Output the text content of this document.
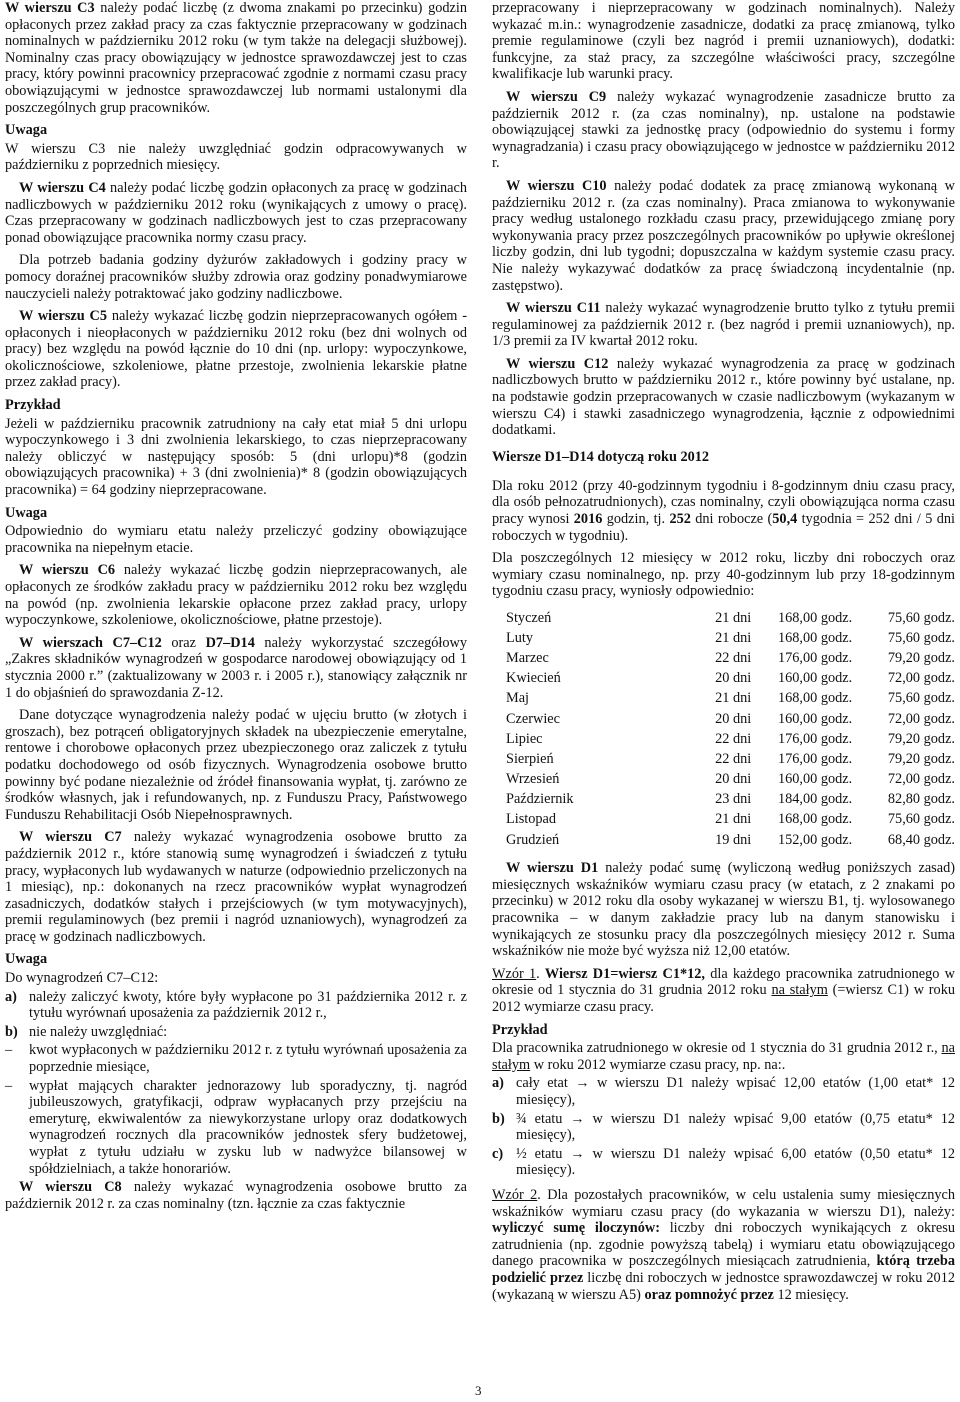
W wierszu C3 należy podać liczbę (z dwoma znakami po przecinku) godzin opłaconych przez zakład pracy za czas faktycznie przepracowany w godzinach nominalnych w październiku 2012 roku (w tym także na delegacji służbowej). Nominalny czas pracy obowiązujący w jednostce sprawozdawczej jest to czas pracy, który powinni pracownicy przepracować zgodnie z normami czasu pracy obowiązującymi w jednostce sprawozdawczej lub normami ustalonymi dla poszczególnych grup pracowników.

Uwaga

W wierszu C3 nie należy uwzględniać godzin odpracowywanych w październiku z poprzednich miesięcy.

W wierszu C4 należy podać liczbę godzin opłaconych za pracę w godzinach nadliczbowych w październiku 2012 roku (wynikających z umowy o pracę). Czas przepracowany w godzinach nadliczbowych jest to czas przepracowany ponad obowiązujące pracownika normy czasu pracy.

Dla potrzeb badania godziny dyżurów zakładowych i godziny pracy w pomocy doraźnej pracowników służby zdrowia oraz godziny ponadwymiarowe nauczycieli należy potraktować jako godziny nadliczbowe.

W wierszu C5 należy wykazać liczbę godzin nieprzepracowanych ogółem - opłaconych i nieopłaconych w październiku 2012 roku (bez dni wolnych od pracy) bez względu na powód łącznie do 10 dni (np. urlopy: wypoczynkowe, okolicznościowe, szkoleniowe, płatne przestoje, zwolnienia lekarskie płatne przez zakład pracy).

Przykład

Jeżeli w październiku pracownik zatrudniony na cały etat miał 5 dni urlopu wypoczynkowego i 3 dni zwolnienia lekarskiego, to czas nieprzepracowany należy obliczyć w następujący sposób: 5 (dni urlopu)*8 (godzin obowiązujących pracownika) + 3 (dni zwolnienia)* 8 (godzin obowiązujących pracownika) = 64 godziny nieprzepracowane.

Uwaga

Odpowiednio do wymiaru etatu należy przeliczyć godziny obowiązujące pracownika na niepełnym etacie.

W wierszu C6 należy wykazać liczbę godzin nieprzepracowanych, ale opłaconych ze środków zakładu pracy w październiku 2012 roku bez względu na powód (np. zwolnienia lekarskie opłacone przez zakład pracy, urlopy wypoczynkowe, szkoleniowe, okolicznościowe, płatne przestoje).

W wierszach C7–C12 oraz D7–D14 należy wykorzystać szczegółowy „Zakres składników wynagrodzeń w gospodarce narodowej obowiązujący od 1 stycznia 2000 r.” (zaktualizowany w 2003 r. i 2005 r.), stanowiący załącznik nr 1 do objaśnień do sprawozdania Z-12.

Dane dotyczące wynagrodzenia należy podać w ujęciu brutto (w złotych i groszach), bez potrąceń obligatoryjnych składek na ubezpieczenie emerytalne, rentowe i chorobowe opłaconych przez ubezpieczonego oraz zaliczek z tytułu podatku dochodowego od osób fizycznych. Wynagrodzenia osobowe brutto powinny być podane niezależnie od źródeł finansowania wypłat, tj. zarówno ze środków własnych, jak i refundowanych, np. z Funduszu Pracy, Państwowego Funduszu Rehabilitacji Osób Niepełnosprawnych.

W wierszu C7 należy wykazać wynagrodzenia osobowe brutto za październik 2012 r., które stanowią sumę wynagrodzeń i świadczeń z tytułu pracy, wypłaconych lub wydawanych w naturze (odpowiednio przeliczonych na 1 miesiąc), np.: dokonanych na rzecz pracowników wypłat wynagrodzeń zasadniczych, dodatków stałych i przejściowych (w tym motywacyjnych), premii regulaminowych (bez premii i nagród uznaniowych), wynagrodzeń za pracę w godzinach nadliczbowych.

Uwaga

Do wynagrodzeń C7–C12:

a) należy zaliczyć kwoty, które były wypłacone po 31 października 2012 r. z tytułu wyrównań uposażenia za październik 2012 r.,
b) nie należy uwzględniać:
–	kwot wypłaconych w październiku 2012 r. z tytułu wyrównań uposażenia za poprzednie miesiące,
–	wypłat mających charakter jednorazowy lub sporadyczny, tj. nagród jubileuszowych, gratyfikacji, odpraw wypłacanych przy przejściu na emeryturę, ekwiwalentów za niewykorzystane urlopy oraz dodatkowych wynagrodzeń rocznych dla pracowników jednostek sfery budżetowej, wypłat z tytułu udziału w zysku lub w nadwyżce bilansowej w spółdzielniach, a także honorariów.

W wierszu C8 należy wykazać wynagrodzenia osobowe brutto za październik 2012 r. za czas nominalny (tzn. łącznie za czas faktycznie

przepracowany i nieprzepracowany w godzinach nominalnych). Należy wykazać m.in.: wynagrodzenie zasadnicze, dodatki za pracę zmianową, tylko premie regulaminowe (czyli bez nagród i premii uznaniowych), dodatki: funkcyjne, za staż pracy, za szczególne właściwości pracy, szczególne kwalifikacje lub warunki pracy.

W wierszu C9 należy wykazać wynagrodzenie zasadnicze brutto za październik 2012 r. (za czas nominalny), np. ustalone na podstawie obowiązującej stawki za jednostkę pracy (odpowiednio do systemu i formy wynagradzania) i czasu pracy obowiązującego w jednostce w październiku 2012 r.

W wierszu C10 należy podać dodatek za pracę zmianową wykonaną w październiku 2012 r. (za czas nominalny). Praca zmianowa to wykonywanie pracy według ustalonego rozkładu czasu pracy, przewidującego zmianę pory wykonywania pracy przez poszczególnych pracowników po upływie określonej liczby godzin, dni lub tygodni; dopuszczalna w każdym systemie czasu pracy. Nie należy wykazywać dodatków za pracę świadczoną incydentalnie (np. zastępstwo).

W wierszu C11 należy wykazać wynagrodzenie brutto tylko z tytułu premii regulaminowej za październik 2012 r. (bez nagród i premii uznaniowych), np. 1/3 premii za IV kwartał 2012 roku.

W wierszu C12 należy wykazać wynagrodzenia za pracę w godzinach nadliczbowych brutto w październiku 2012 r., które powinny być ustalane, np. na podstawie godzin przepracowanych w czasie nadliczbowym (wykazanym w wierszu C4) i stawki zasadniczego wynagrodzenia, łącznie z odpowiednimi dodatkami.

Wiersze D1–D14 dotyczą roku 2012

Dla roku 2012 (przy 40-godzinnym tygodniu i 8-godzinnym dniu czasu pracy, dla osób pełnozatrudnionych), czas nominalny, czyli obowiązująca norma czasu pracy wynosi 2016 godzin, tj. 252 dni robocze (50,4 tygodnia = 252 dni / 5 dni roboczych w tygodniu).

Dla poszczególnych 12 miesięcy w 2012 roku, liczby dni roboczych oraz wymiary czasu nominalnego, np. przy 40-godzinnym lub przy 18-godzinnym tygodniu czasu pracy, wyniosły odpowiednio:

Styczeń	21 dni	168,00 godz.	75,60 godz.
Luty	21 dni	168,00 godz.	75,60 godz.
Marzec	22 dni	176,00 godz.	79,20 godz.
Kwiecień	20 dni	160,00 godz.	72,00 godz.
Maj	21 dni	168,00 godz.	75,60 godz.
Czerwiec	20 dni	160,00 godz.	72,00 godz.
Lipiec	22 dni	176,00 godz.	79,20 godz.
Sierpień	22 dni	176,00 godz.	79,20 godz.
Wrzesień	20 dni	160,00 godz.	72,00 godz.
Październik	23 dni	184,00 godz.	82,80 godz.
Listopad	21 dni	168,00 godz.	75,60 godz.
Grudzień	19 dni	152,00 godz.	68,40 godz.

W wierszu D1 należy podać sumę (wyliczoną według poniższych zasad) miesięcznych wskaźników wymiaru czasu pracy (w etatach, z 2 znakami po przecinku) w 2012 roku dla osoby wykazanej w wierszu B1, tj. wylosowanego pracownika – w danym zakładzie pracy lub na danym stanowisku i wynikających ze stosunku pracy dla poszczególnych miesięcy 2012 r. Suma wskaźników nie może być wyższa niż 12,00 etatów.

Wzór 1. Wiersz D1=wiersz C1*12, dla każdego pracownika zatrudnionego w okresie od 1 stycznia do 31 grudnia 2012 roku na stałym (=wiersz C1) w roku 2012 wymiarze czasu pracy.

Przykład

Dla pracownika zatrudnionego w okresie od 1 stycznia do 31 grudnia 2012 r., na stałym w roku 2012 wymiarze czasu pracy, np. na:.

a) cały etat → w wierszu D1 należy wpisać 12,00 etatów (1,00 etat* 12 miesięcy),
b) ¾ etatu → w wierszu D1 należy wpisać 9,00 etatów (0,75 etatu* 12 miesięcy),
c) ½ etatu → w wierszu D1 należy wpisać 6,00 etatów (0,50 etatu* 12 miesięcy).

Wzór 2. Dla pozostałych pracowników, w celu ustalenia sumy miesięcznych wskaźników wymiaru czasu pracy (do wykazania w wierszu D1), należy: wyliczyć sumę iloczynów: liczby dni roboczych wynikających z okresu zatrudnienia (np. zgodnie powyższą tabelą) i wymiaru etatu obowiązującego danego pracownika w poszczególnych miesiącach zatrudnienia, którą trzeba podzielić przez liczbę dni roboczych w jednostce sprawozdawczej w roku 2012 (wykazaną w wierszu A5) oraz pomnożyć przez 12 miesięcy.

3
